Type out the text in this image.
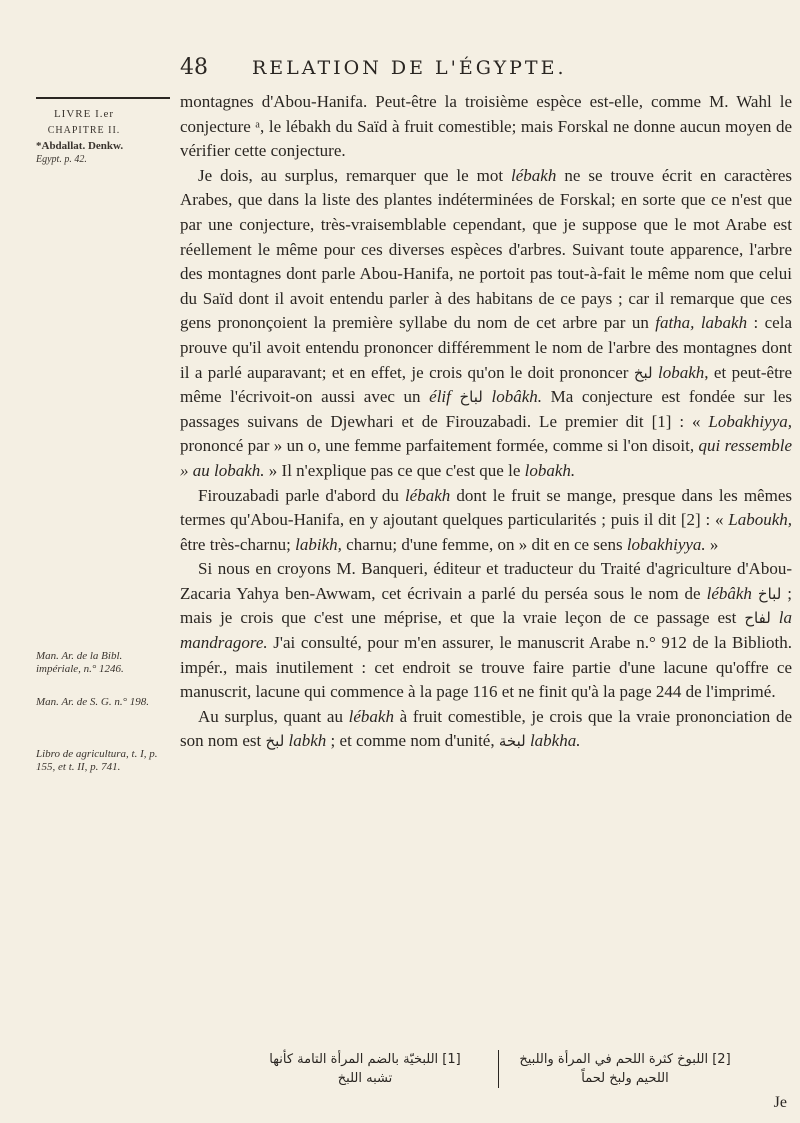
48 RELATION DE L'ÉGYPTE.
LIVRE I.er
CHAPITRE II.
*Abdallat. Denkw.
Egypt. p. 42.
Man. Ar. de la Bibl. impériale, n.° 1246.
Man. Ar. de S. G. n.° 198.
Libro de agricultura, t. I, p. 155, et t. II, p. 741.

montagnes d'Abou-Hanifa. Peut-être la troisième espèce est-elle, comme M. Wahl le conjecture ᵃ, le lébakh du Saïd à fruit comestible; mais Forskal ne donne aucun moyen de vérifier cette conjecture.

Je dois, au surplus, remarquer que le mot lébakh ne se trouve écrit en caractères Arabes, que dans la liste des plantes indéterminées de Forskal; en sorte que ce n'est que par une conjecture, très-vraisemblable cependant, que je suppose que le mot Arabe est réellement le même pour ces diverses espèces d'arbres. Suivant toute apparence, l'arbre des montagnes dont parle Abou-Hanifa, ne portoit pas tout-à-fait le même nom que celui du Saïd dont il avoit entendu parler à des habitans de ce pays ; car il remarque que ces gens prononçoient la première syllabe du nom de cet arbre par un fatha, labakh : cela prouve qu'il avoit entendu prononcer différemment le nom de l'arbre des montagnes dont il a parlé auparavant; et en effet, je crois qu'on le doit prononcer لبخ lobakh, et peut-être même l'écrivoit-on aussi avec un élif لباخ lobâkh. Ma conjecture est fondée sur les passages suivans de Djewhari et de Firouzabadi. Le premier dit [1] : « Lobakhiyya, prononcé par » un o, une femme parfaitement formée, comme si l'on disoit, qui ressemble » au lobakh. » Il n'explique pas ce que c'est que le lobakh.

Firouzabadi parle d'abord du lébakh dont le fruit se mange, presque dans les mêmes termes qu'Abou-Hanifa, en y ajoutant quelques particularités ; puis il dit [2] : « Laboukh, être très-charnu; labikh, charnu; d'une femme, on » dit en ce sens lobakhiyya. »

Si nous en croyons M. Banqueri, éditeur et traducteur du Traité d'agriculture d'Abou-Zacaria Yahya ben-Awwam, cet écrivain a parlé du perséa sous le nom de lébâkh لباخ ; mais je crois que c'est une méprise, et que la vraie leçon de ce passage est لفاح la mandragore. J'ai consulté, pour m'en assurer, le manuscrit Arabe n.° 912 de la Biblioth. impér., mais inutilement : cet endroit se trouve faire partie d'une lacune qu'offre ce manuscrit, lacune qui commence à la page 116 et ne finit qu'à la page 244 de l'imprimé.

Au surplus, quant au lébakh à fruit comestible, je crois que la vraie prononciation de son nom est لبخ labkh ; et comme nom d'unité, لبخة labkha.

[1] اللبخيّة بالضم المرأة التامة كأنها
تشبه اللبخ
[2] اللبوخ كثرة اللحم في المرأة واللبيخ
اللحيم ولبخ لحماً
Je
